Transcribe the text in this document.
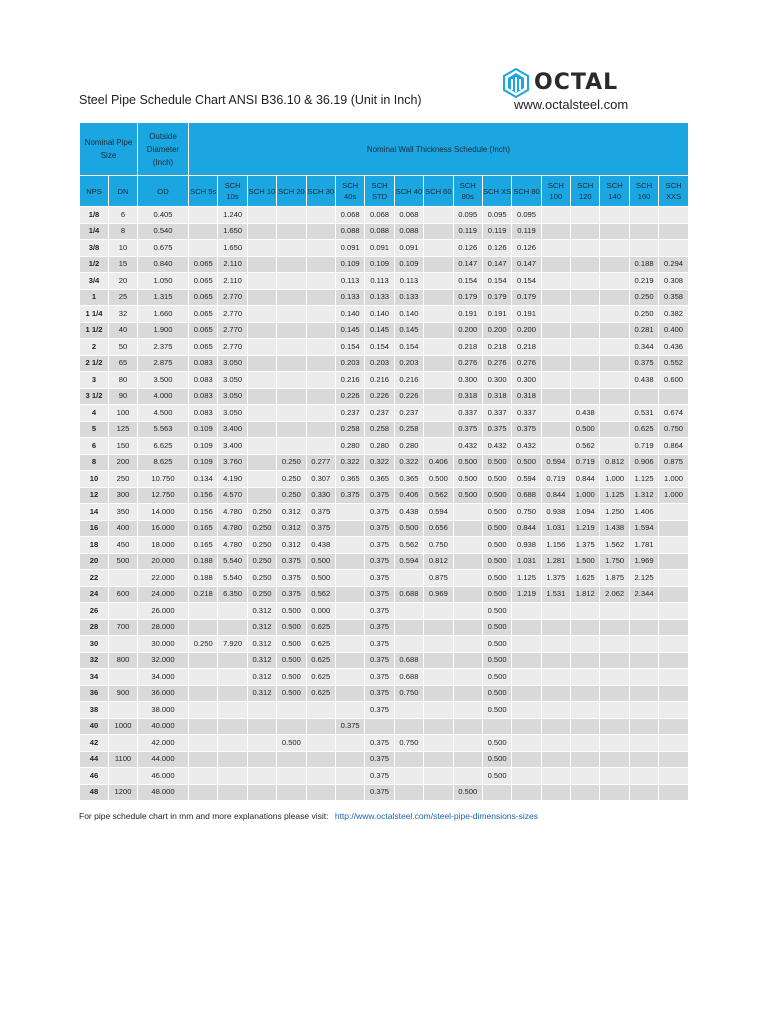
Steel Pipe Schedule Chart ANSI B36.10 & 36.19 (Unit in Inch)
OCTAL
www.octalsteel.com
Nominal Pipe Size		Outside Diameter (Inch)	Nominal Wall Thickness Schedule (Inch)																
NPS	DN	OD	SCH 5s	SCH 10s	SCH 10	SCH 20	SCH 30	SCH 40s	SCH STD	SCH 40	SCH 60	SCH 80s	SCH XS	SCH 80	SCH 100	SCH 120	SCH 140	SCH 160	SCH XXS
1/8	6	0.405		1.240				0.068	0.068	0.068		0.095	0.095	0.095					
1/4	8	0.540		1.650				0.088	0.088	0.088		0.119	0.119	0.119					
3/8	10	0.675		1.650				0.091	0.091	0.091		0.126	0.126	0.126					
1/2	15	0.840	0.065	2.110				0.109	0.109	0.109		0.147	0.147	0.147				0.188	0.294
3/4	20	1.050	0.065	2.110				0.113	0.113	0.113		0.154	0.154	0.154				0.219	0.308
1	25	1.315	0.065	2.770				0.133	0.133	0.133		0.179	0.179	0.179				0.250	0.358
1 1/4	32	1.660	0.065	2.770				0.140	0.140	0.140		0.191	0.191	0.191				0.250	0.382
1 1/2	40	1.900	0.065	2.770				0.145	0.145	0.145		0.200	0.200	0.200				0.281	0.400
2	50	2.375	0.065	2.770				0.154	0.154	0.154		0.218	0.218	0.218				0.344	0.436
2 1/2	65	2.875	0.083	3.050				0.203	0.203	0.203		0.276	0.276	0.276				0.375	0.552
3	80	3.500	0.083	3.050				0.216	0.216	0.216		0.300	0.300	0.300				0.438	0.600
3 1/2	90	4.000	0.083	3.050				0.226	0.226	0.226		0.318	0.318	0.318					
4	100	4.500	0.083	3.050				0.237	0.237	0.237		0.337	0.337	0.337		0.438		0.531	0.674
5	125	5.563	0.109	3.400				0.258	0.258	0.258		0.375	0.375	0.375		0.500		0.625	0.750
6	150	6.625	0.109	3.400				0.280	0.280	0.280		0.432	0.432	0.432		0.562		0.719	0.864
8	200	8.625	0.109	3.760		0.250	0.277	0.322	0.322	0.322	0.406	0.500	0.500	0.500	0.594	0.719	0.812	0.906	0.875
10	250	10.750	0.134	4.190		0.250	0.307	0.365	0.365	0.365	0.500	0.500	0.500	0.594	0.719	0.844	1.000	1.125	1.000
12	300	12.750	0.156	4.570		0.250	0.330	0.375	0.375	0.406	0.562	0.500	0.500	0.688	0.844	1.000	1.125	1.312	1.000
14	350	14.000	0.156	4.780	0.250	0.312	0.375		0.375	0.438	0.594		0.500	0.750	0.938	1.094	1.250	1.406	
16	400	16.000	0.165	4.780	0.250	0.312	0.375		0.375	0.500	0.656		0.500	0.844	1.031	1.219	1.438	1.594	
18	450	18.000	0.165	4.780	0.250	0.312	0.438		0.375	0.562	0.750		0.500	0.938	1.156	1.375	1.562	1.781	
20	500	20.000	0.188	5.540	0.250	0.375	0.500		0.375	0.594	0.812		0.500	1.031	1.281	1.500	1.750	1.969	
22		22.000	0.188	5.540	0.250	0.375	0.500		0.375		0.875		0.500	1.125	1.375	1.625	1.875	2.125	
24	600	24.000	0.218	6.350	0.250	0.375	0.562		0.375	0.688	0.969		0.500	1.219	1.531	1.812	2.062	2.344	
26		26.000			0.312	0.500	0.000		0.375				0.500						
28	700	28.000			0.312	0.500	0.625		0.375				0.500						
30		30.000	0.250	7.920	0.312	0.500	0.625		0.375				0.500						
32	800	32.000			0.312	0.500	0.625		0.375	0.688			0.500						
34		34.000			0.312	0.500	0.625		0.375	0.688			0.500						
36	900	36.000			0.312	0.500	0.625		0.375	0.750			0.500						
38		38.000							0.375				0.500						
40	1000	40.000						0.375											
42		42.000				0.500			0.375	0.750			0.500						
44	1100	44.000							0.375				0.500						
46		46.000							0.375				0.500						
48	1200	48.000							0.375			0.500							
For pipe schedule chart in mm and more explanations please visit: http://www.octalsteel.com/steel-pipe-dimensions-sizes
